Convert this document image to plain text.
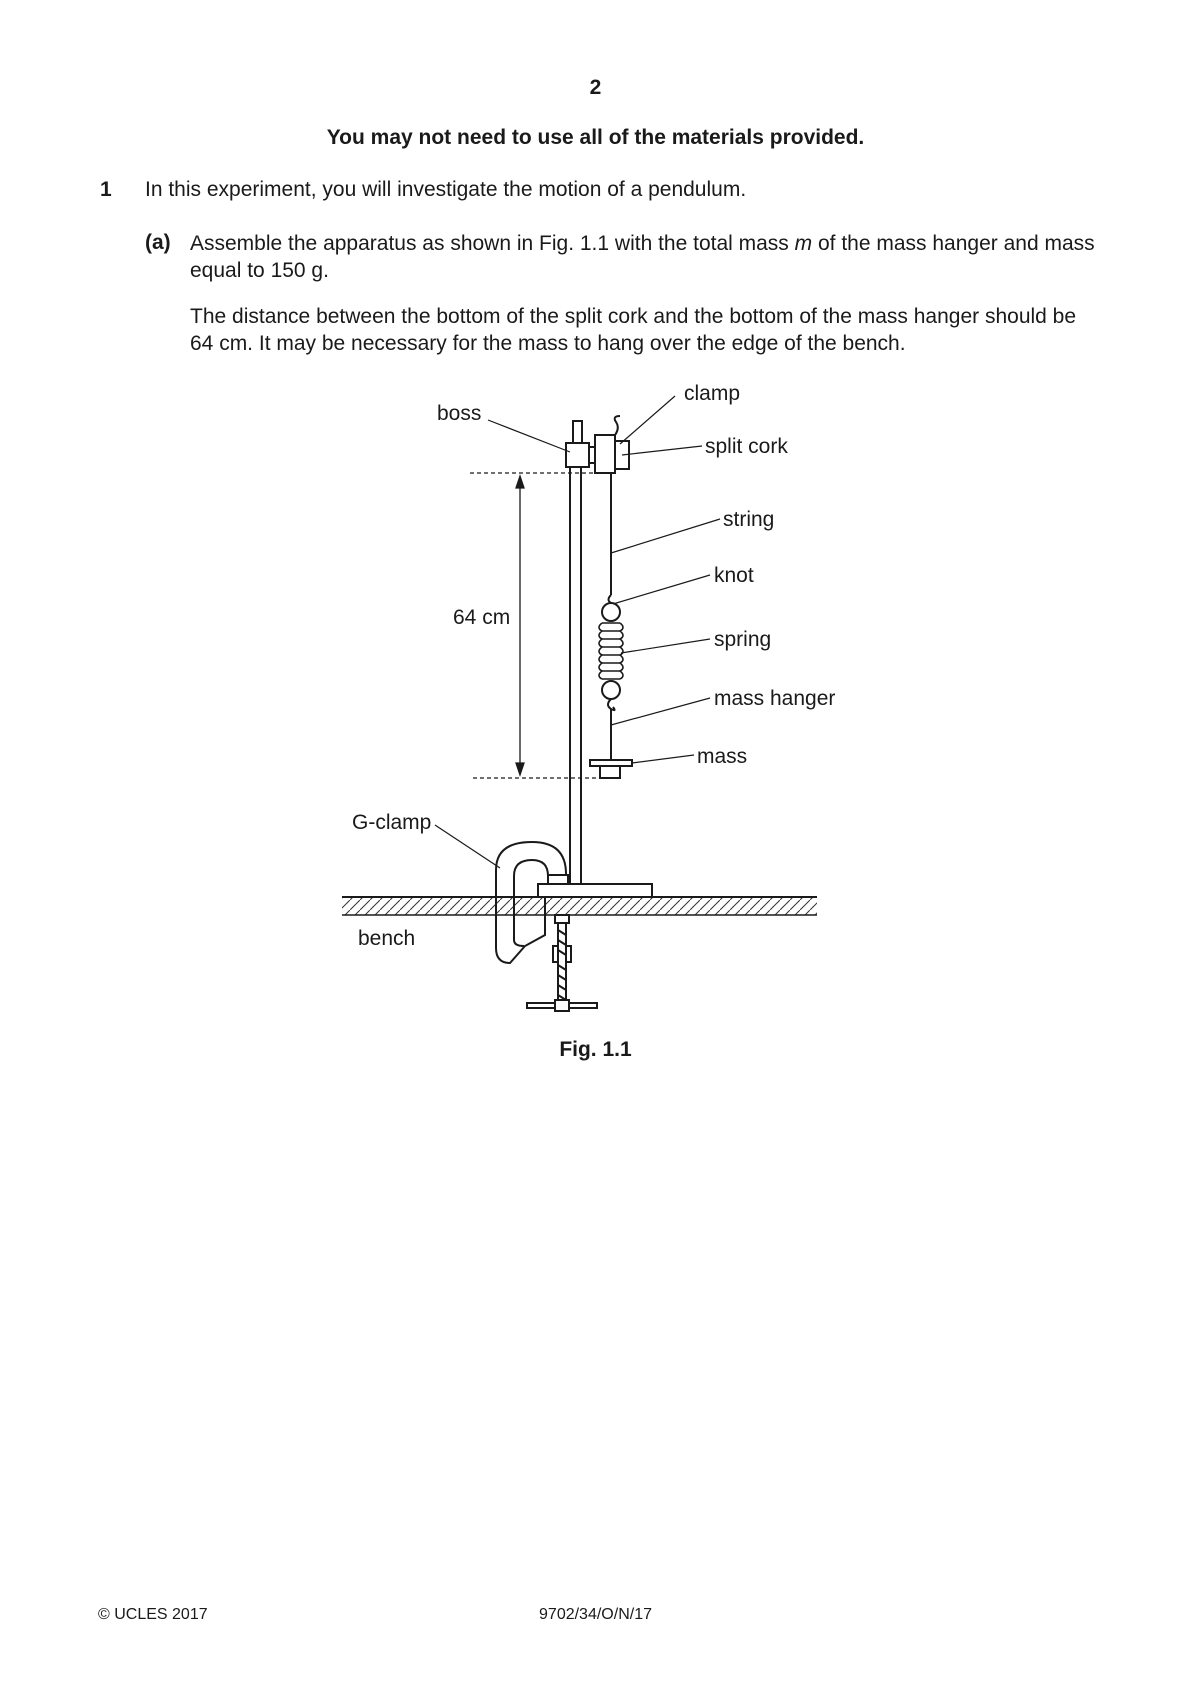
2
You may not need to use all of the materials provided.
1 In this experiment, you will investigate the motion of a pendulum.
(a) Assemble the apparatus as shown in Fig. 1.1 with the total mass m of the mass hanger and mass equal to 150 g.
The distance between the bottom of the split cork and the bottom of the mass hanger should be 64 cm. It may be necessary for the mass to hang over the edge of the bench.
boss
clamp
split cork
string
knot
spring
mass hanger
mass
G-clamp
bench
64 cm
Fig. 1.1
© UCLES 2017	9702/34/O/N/17
